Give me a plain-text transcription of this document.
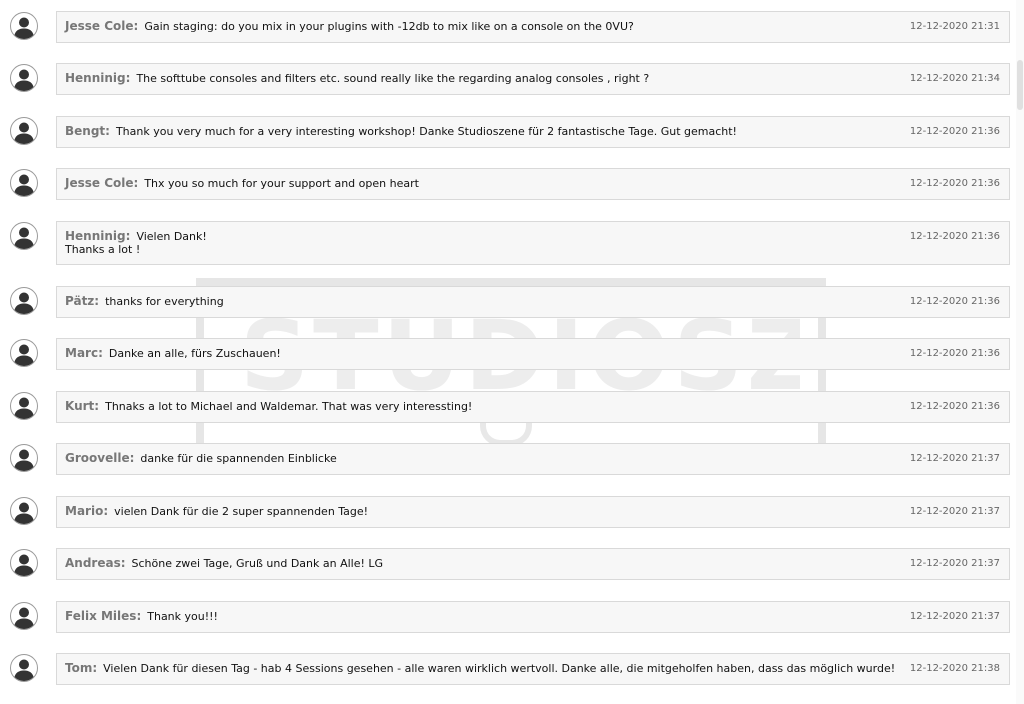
Jesse Cole: Gain staging: do you mix in your plugins with -12db to mix like on a console on the 0VU?	12-12-2020 21:31
Henninig: The softtube consoles and filters etc. sound really like the regarding analog consoles , right ?	12-12-2020 21:34
Bengt: Thank you very much for a very interesting workshop! Danke Studioszene für 2 fantastische Tage. Gut gemacht!	12-12-2020 21:36
Jesse Cole: Thx you so much for your support and open heart	12-12-2020 21:36
Henninig: Vielen Dank!
Thanks a lot !
12-12-2020 21:36
Pätz: thanks for everything	12-12-2020 21:36
Marc: Danke an alle, fürs Zuschauen!	12-12-2020 21:36
Kurt: Thnaks a lot to Michael and Waldemar. That was very interessting!	12-12-2020 21:36
Groovelle: danke für die spannenden Einblicke	12-12-2020 21:37
Mario: vielen Dank für die 2 super spannenden Tage!	12-12-2020 21:37
Andreas: Schöne zwei Tage, Gruß und Dank an Alle! LG	12-12-2020 21:37
Felix Miles: Thank you!!!	12-12-2020 21:37
Tom: Vielen Dank für diesen Tag - hab 4 Sessions gesehen - alle waren wirklich wertvoll. Danke alle, die mitgeholfen haben, dass das möglich wurde! 12-12-2020 21:38
